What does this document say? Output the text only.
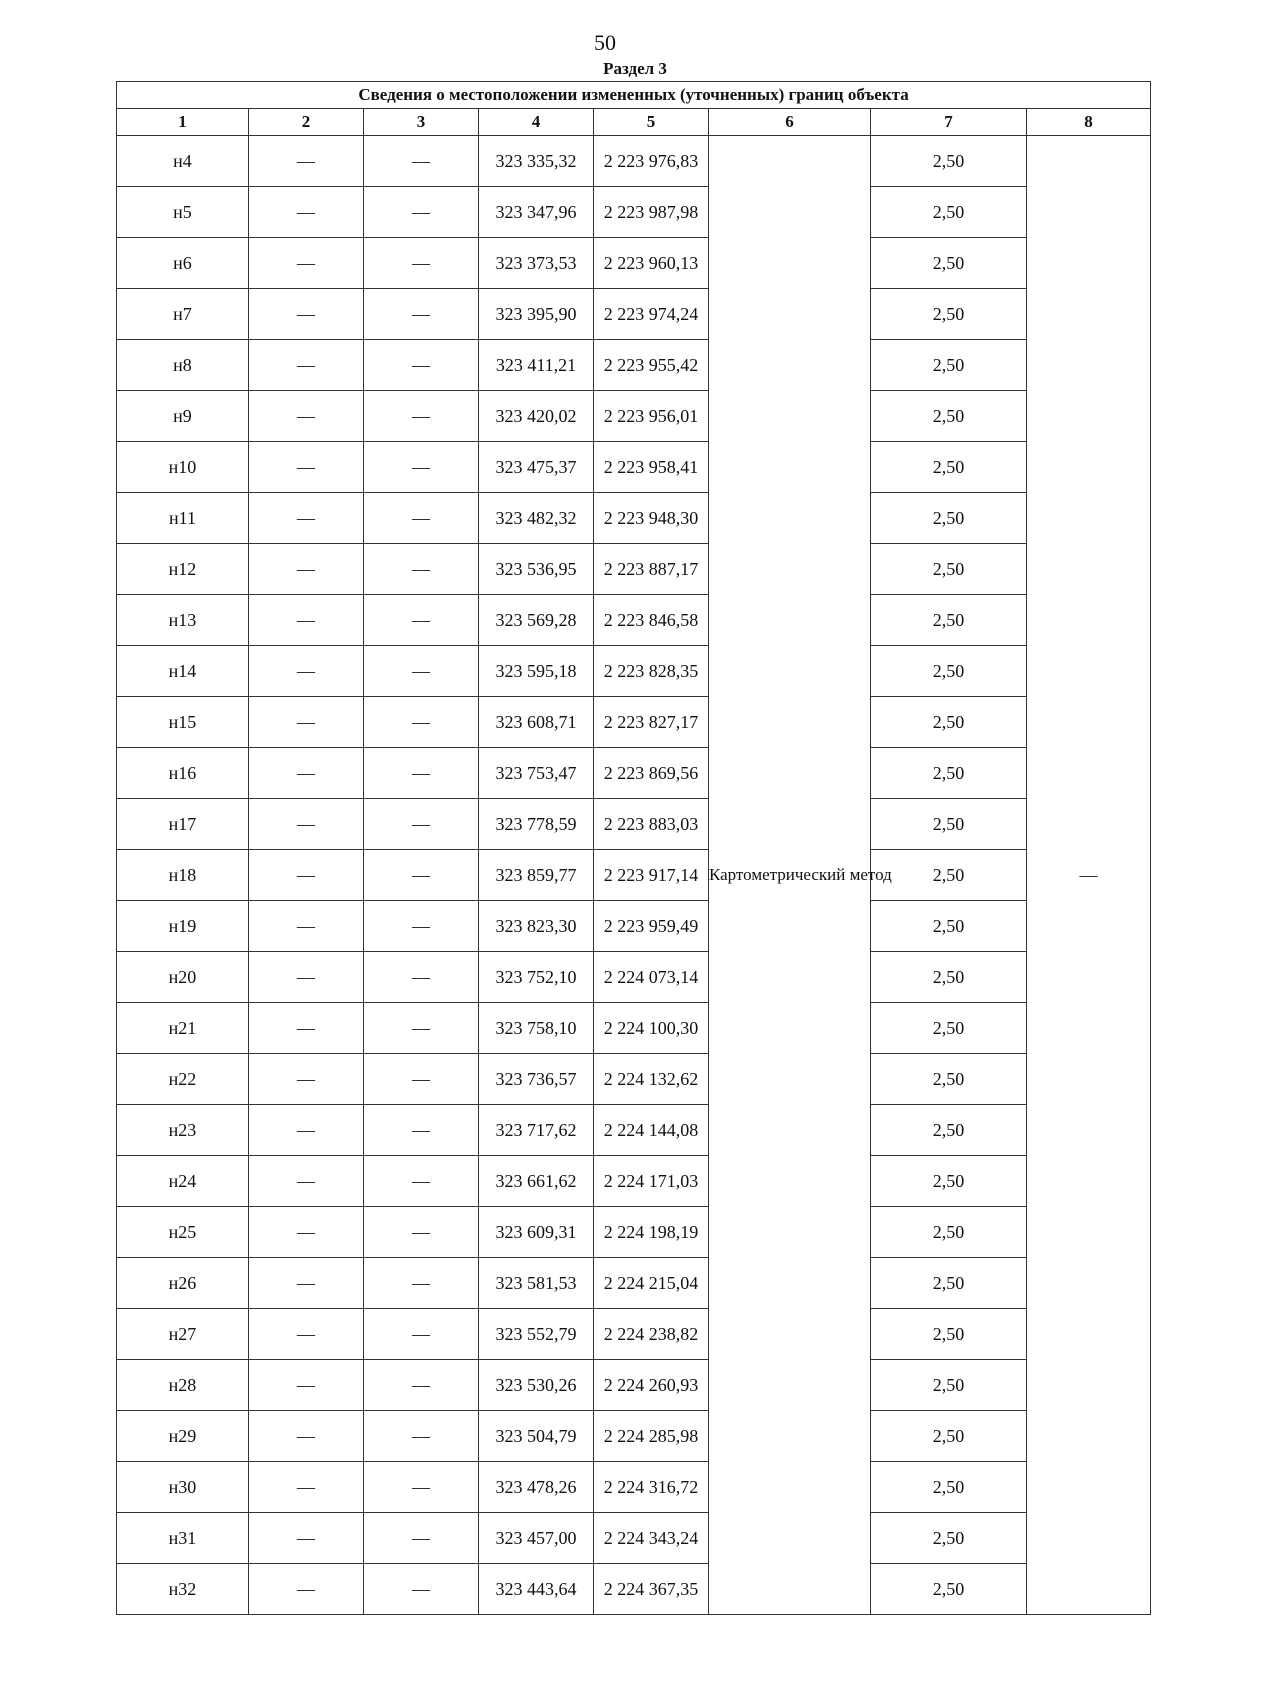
50
Раздел 3
Сведения о местоположении измененных (уточненных) границ объекта							
1	2	3	4	5	6	7	8
н4	—	—	323 335,32	2 223 976,83	Картометрический метод	2,50	—
н5	—	—	323 347,96	2 223 987,98		2,50	
н6	—	—	323 373,53	2 223 960,13		2,50	
н7	—	—	323 395,90	2 223 974,24		2,50	
н8	—	—	323 411,21	2 223 955,42		2,50	
н9	—	—	323 420,02	2 223 956,01		2,50	
н10	—	—	323 475,37	2 223 958,41		2,50	
н11	—	—	323 482,32	2 223 948,30		2,50	
н12	—	—	323 536,95	2 223 887,17		2,50	
н13	—	—	323 569,28	2 223 846,58		2,50	
н14	—	—	323 595,18	2 223 828,35		2,50	
н15	—	—	323 608,71	2 223 827,17		2,50	
н16	—	—	323 753,47	2 223 869,56		2,50	
н17	—	—	323 778,59	2 223 883,03		2,50	
н18	—	—	323 859,77	2 223 917,14		2,50	
н19	—	—	323 823,30	2 223 959,49		2,50	
н20	—	—	323 752,10	2 224 073,14		2,50	
н21	—	—	323 758,10	2 224 100,30		2,50	
н22	—	—	323 736,57	2 224 132,62		2,50	
н23	—	—	323 717,62	2 224 144,08		2,50	
н24	—	—	323 661,62	2 224 171,03		2,50	
н25	—	—	323 609,31	2 224 198,19		2,50	
н26	—	—	323 581,53	2 224 215,04		2,50	
н27	—	—	323 552,79	2 224 238,82		2,50	
н28	—	—	323 530,26	2 224 260,93		2,50	
н29	—	—	323 504,79	2 224 285,98		2,50	
н30	—	—	323 478,26	2 224 316,72		2,50	
н31	—	—	323 457,00	2 224 343,24		2,50	
н32	—	—	323 443,64	2 224 367,35		2,50	
